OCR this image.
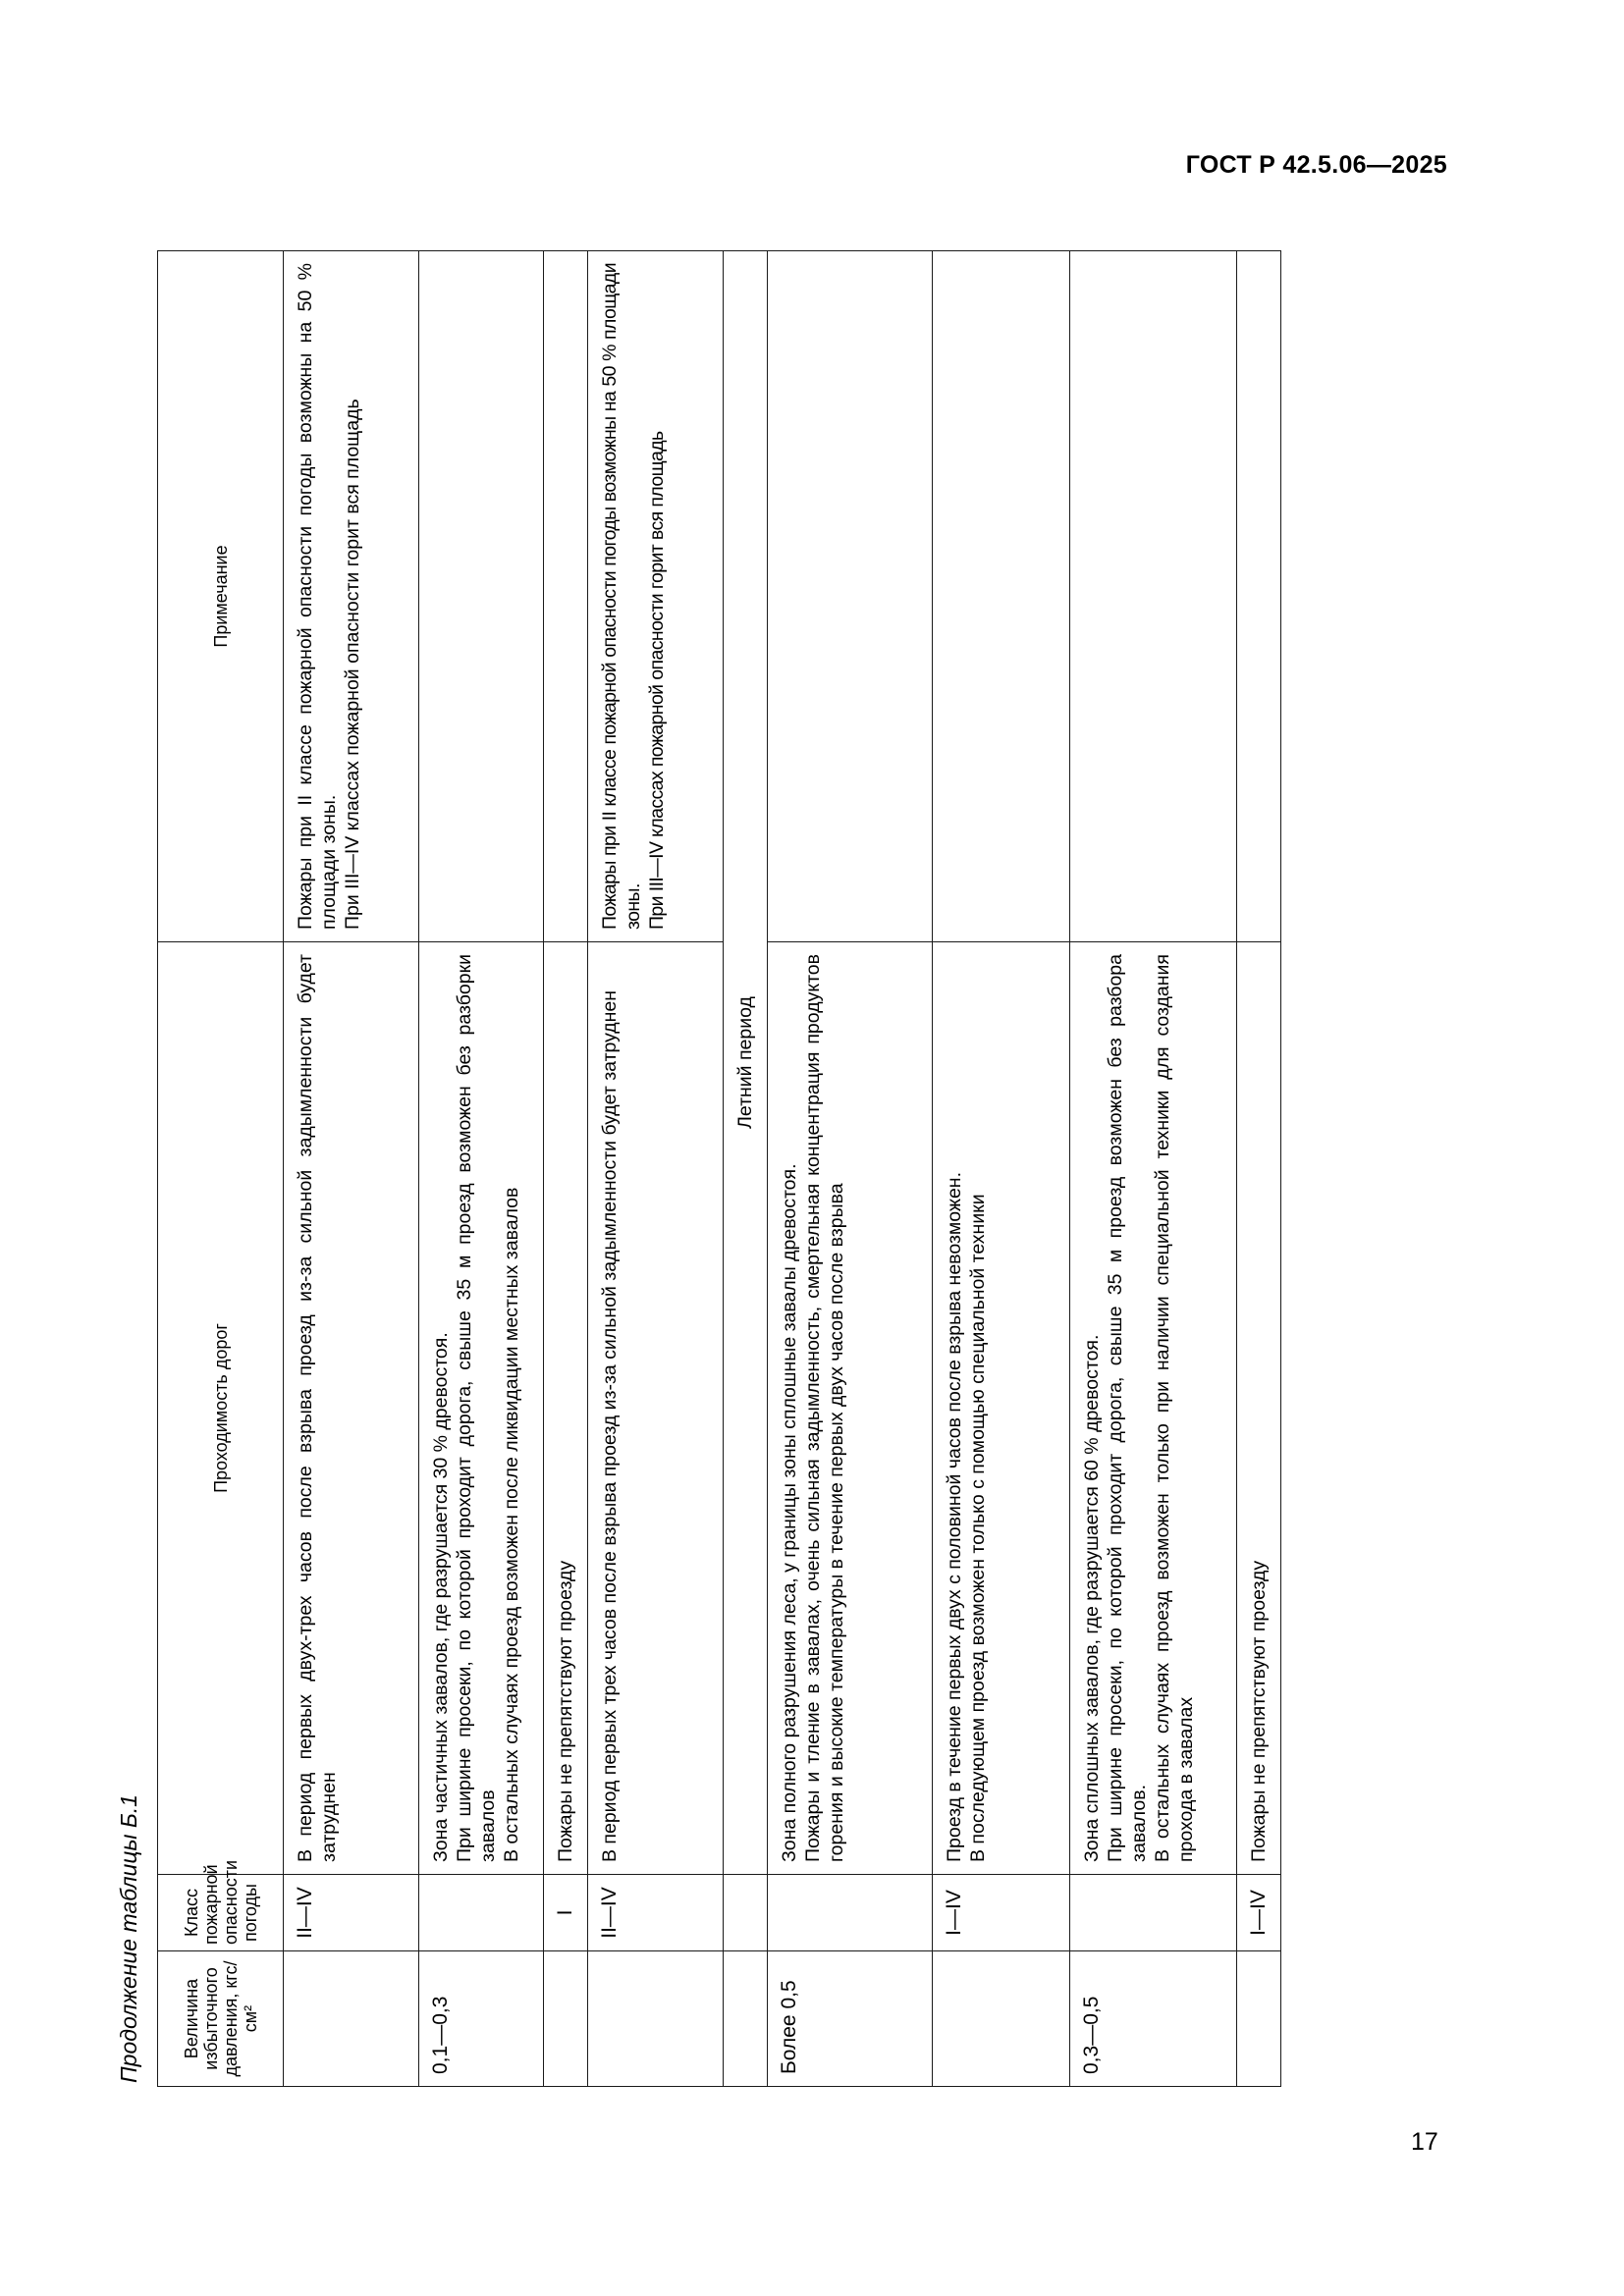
ГОСТ Р 42.5.06—2025
Продолжение таблицы Б.1 Величина избыточного давления, кгс/см²	Класс пожарной опасности погоды	Проходимость дорог	Примечание
	II—IV	В период первых двух-трех часов после взрыва проезд из-за сильной задымленности будет затруднен	Пожары при II классе пожарной опасности погоды возможны на 50 % площади зоны. При III—IV классах пожарной опасности горит вся площадь

0,1—0,3		Зона частичных завалов, где разрушается 30 % древостоя. При ширине просеки, по которой проходит дорога, свыше 35 м проезд возможен без разборки завалов В остальных случаях проезд возможен после ликвидации местных завалов	

	I	Пожары не препятствуют проезду	

	II—IV	В период первых трех часов после взрыва проезд из-за сильной задымленности будет затруднен	Пожары при II классе пожарной опасности погоды возможны на 50 % площади зоны. При III—IV классах пожарной опасности горит вся площадь

		Летний период	
Более 0,5		Зона полного разрушения леса, у границы зоны сплошные завалы древостоя. Пожары и тление в завалах, очень сильная задымленность, смертельная концентрация продуктов горения и высокие температуры в течение первых двух часов после взрыва	

	I—IV	Проезд в течение первых двух с половиной часов после взрыва невозможен. В последующем проезд возможен только с помощью специальной техники	

0,3—0,5		Зона сплошных завалов, где разрушается 60 % древостоя. При ширине просеки, по которой проходит дорога, свыше 35 м проезд возможен без разбора завалов. В остальных случаях проезд возможен только при наличии специальной техники для создания прохода в завалах	

	I—IV	Пожары не препятствуют проезду	

17
